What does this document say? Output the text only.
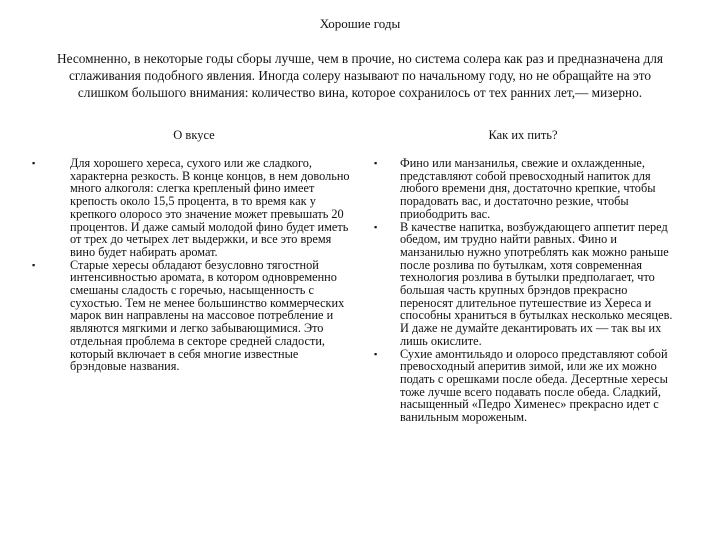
Хорошие годы
Несомненно, в некоторые годы сборы лучше, чем в прочие, но система солера как раз и предназначена для сглаживания подобного явления. Иногда солеру называют по начальному году, но не обращайте на это слишком большого внимания: количество вина, которое сохранилось от тех ранних лет,— мизерно.
О вкусе
▪	Для хорошего хереса, сухого или же сладкого, характерна резкость. В конце концов, в нем довольно много алкоголя: слегка крепленый фино имеет крепость около 15,5 процента, в то время как у крепкого олоросо это значение может превышать 20 процентов. И даже самый молодой фино будет иметь от трех до четырех лет выдержки, и все это время вино будет набирать аромат.
▪	Старые хересы обладают безусловно тягостной интенсивностью аромата, в котором одновременно смешаны сладость с горечью, насыщенность с сухостью. Тем не менее большинство коммерческих марок вин направлены на массовое потребление и являются мягкими и легко забывающимися. Это отдельная проблема в секторе средней сладости, который включает в себя многие известные брэндовые названия.
Как их пить?
▪ Фино или манзанилья, свежие и охлажденные, представляют собой превосходный напиток для любого времени дня, достаточно крепкие, чтобы порадовать вас, и достаточно резкие, чтобы приободрить вас.
▪ В качестве напитка, возбуждающего аппетит перед обедом, им трудно найти равных. Фино и манзанилью нужно употреблять как можно раньше после розлива по бутылкам, хотя современная технология розлива в бутылки предполагает, что большая часть крупных брэндов прекрасно переносят длительное путешествие из Хереса и способны храниться в бутылках несколько месяцев. И даже не думайте декантировать их — так вы их лишь окислите.
▪ Сухие амонтильядо и олоросо представляют собой превосходный аперитив зимой, или же их можно подать с орешками после обеда. Десертные хересы тоже лучше всего подавать после обеда. Сладкий, насыщенный «Педро Хименес» прекрасно идет с ванильным мороженым.
